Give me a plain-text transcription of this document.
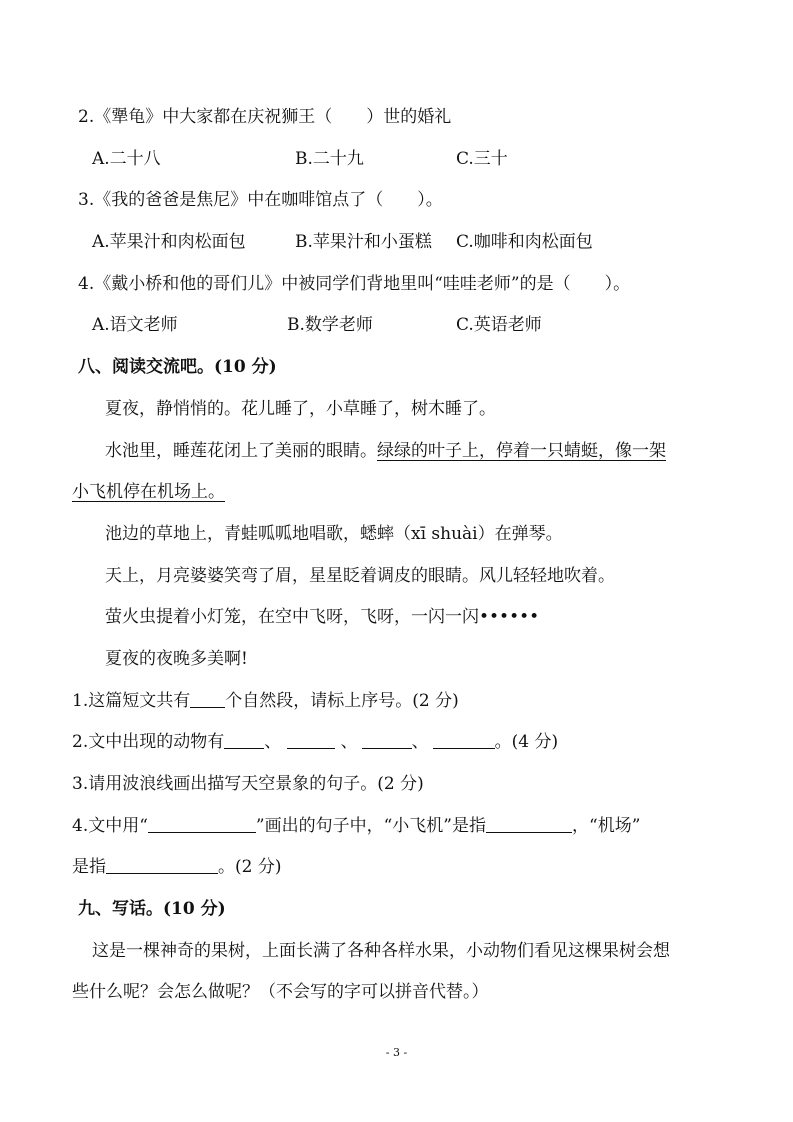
2.《犟龟》中大家都在庆祝狮王（　　）世的婚礼
A.二十八	B.二十九	C.三十
3.《我的爸爸是焦尼》中在咖啡馆点了（　　）。
A.苹果汁和肉松面包	B.苹果汁和小蛋糕 C.咖啡和肉松面包
4.《戴小桥和他的哥们儿》中被同学们背地里叫“哇哇老师”的是（　　）。
A.语文老师	B.数学老师	C.英语老师
八、阅读交流吧。(10 分)
夏夜，静悄悄的。花儿睡了，小草睡了，树木睡了。
水池里，睡莲花闭上了美丽的眼睛。绿绿的叶子上，停着一只蜻蜓，像一架
小飞机停在机场上。
池边的草地上，青蛙呱呱地唱歌，蟋蟀（xī shuài）在弹琴。
天上，月亮婆婆笑弯了眉，星星眨着调皮的眼睛。风儿轻轻地吹着。
萤火虫提着小灯笼，在空中飞呀，飞呀，一闪一闪••••••
夏夜的夜晚多美啊!
1.这篇短文共有 个自然段，请标上序号。(2 分)
2.文中出现的动物有 、	、	、	。(4 分)
3.请用波浪线画出描写天空景象的句子。(2 分)
4.文中用“	”画出的句子中，“小飞机”是指	，“机场”
是指	。(2 分)
九、写话。(10 分)
这是一棵神奇的果树，上面长满了各种各样水果，小动物们看见这棵果树会想
些什么呢？会怎么做呢？（不会写的字可以拼音代替。）
- 3 -
